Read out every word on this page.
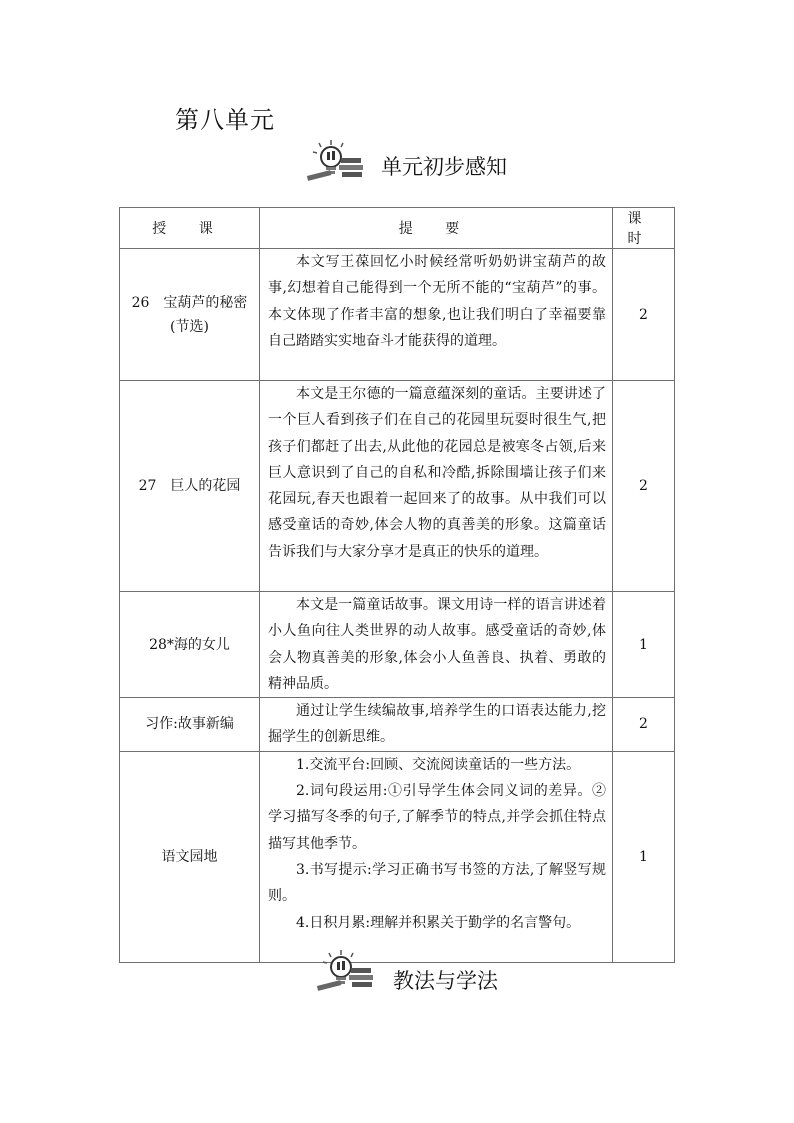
第八单元
单元初步感知
授 课	提 要	课 时
26　宝葫芦的秘密(节选)	本文写王葆回忆小时候经常听奶奶讲宝葫芦的故事,幻想着自己能得到一个无所不能的“宝葫芦”的事。本文体现了作者丰富的想象,也让我们明白了幸福要靠自己踏踏实实地奋斗才能获得的道理。	2
27　巨人的花园	本文是王尔德的一篇意蕴深刻的童话。主要讲述了一个巨人看到孩子们在自己的花园里玩耍时很生气,把孩子们都赶了出去,从此他的花园总是被寒冬占领,后来巨人意识到了自己的自私和冷酷,拆除围墙让孩子们来花园玩,春天也跟着一起回来了的故事。从中我们可以感受童话的奇妙,体会人物的真善美的形象。这篇童话告诉我们与大家分享才是真正的快乐的道理。	2
28*海的女儿	本文是一篇童话故事。课文用诗一样的语言讲述着小人鱼向往人类世界的动人故事。感受童话的奇妙,体会人物真善美的形象,体会小人鱼善良、执着、勇敢的精神品质。	1
习作:故事新编	通过让学生续编故事,培养学生的口语表达能力,挖掘学生的创新思维。	2
语文园地	1.交流平台:回顾、交流阅读童话的一些方法。

2.词句段运用:①引导学生体会同义词的差异。②学习描写冬季的句子,了解季节的特点,并学会抓住特点描写其他季节。

3.书写提示:学习正确书写书签的方法,了解竖写规则。

4.日积月累:理解并积累关于勤学的名言警句。	1
教法与学法
